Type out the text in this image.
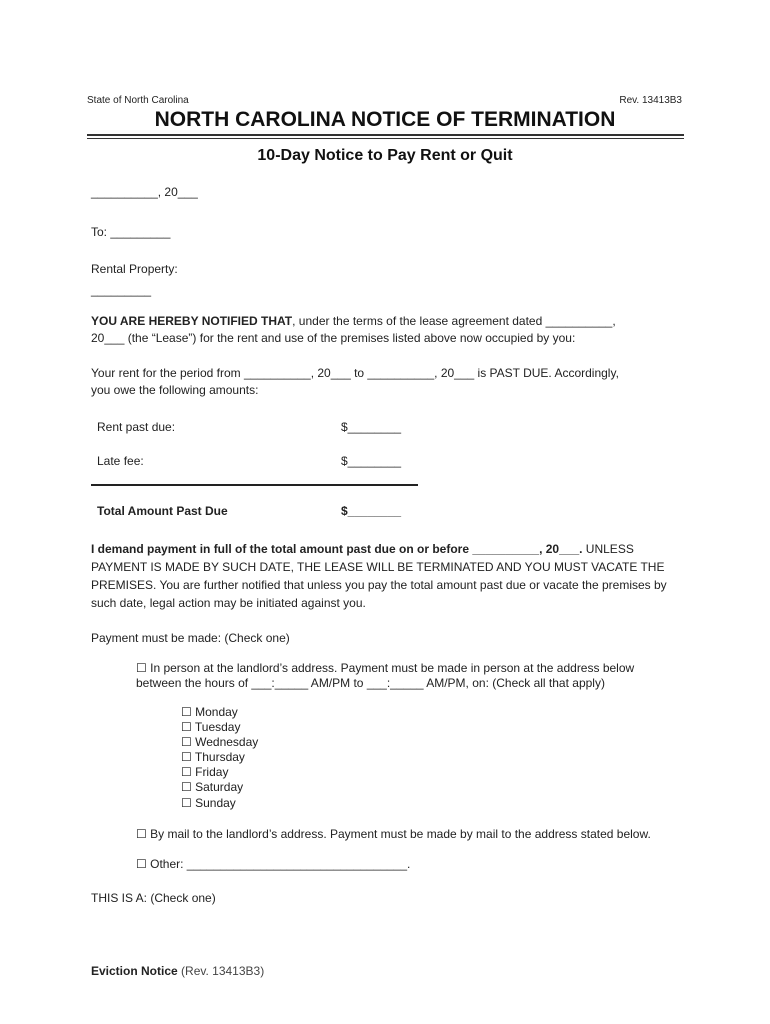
State of North Carolina	Rev. 13413B3
NORTH CAROLINA NOTICE OF TERMINATION
10-Day Notice to Pay Rent or Quit
__________, 20___
To: _________
Rental Property:
_________
YOU ARE HEREBY NOTIFIED THAT, under the terms of the lease agreement dated __________,
20___ (the “Lease”) for the rent and use of the premises listed above now occupied by you:
Your rent for the period from __________, 20___ to __________, 20___ is PAST DUE. Accordingly,
you owe the following amounts:
Rent past due:	$________
Late fee:	$________
Total Amount Past Due	$________
I demand payment in full of the total amount past due on or before __________, 20___. UNLESS PAYMENT IS MADE BY SUCH DATE, THE LEASE WILL BE TERMINATED AND YOU MUST VACATE THE PREMISES. You are further notified that unless you pay the total amount past due or vacate the premises by such date, legal action may be initiated against you.
Payment must be made: (Check one)
☐ In person at the landlord’s address. Payment must be made in person at the address below
between the hours of ___:_____ AM/PM to ___:_____ AM/PM, on: (Check all that apply)
☐ Monday
☐ Tuesday
☐ Wednesday
☐ Thursday
☐ Friday
☐ Saturday
☐ Sunday
☐ By mail to the landlord’s address. Payment must be made by mail to the address stated below.
☐ Other: _________________________________.
THIS IS A: (Check one)
Eviction Notice (Rev. 13413B3)
